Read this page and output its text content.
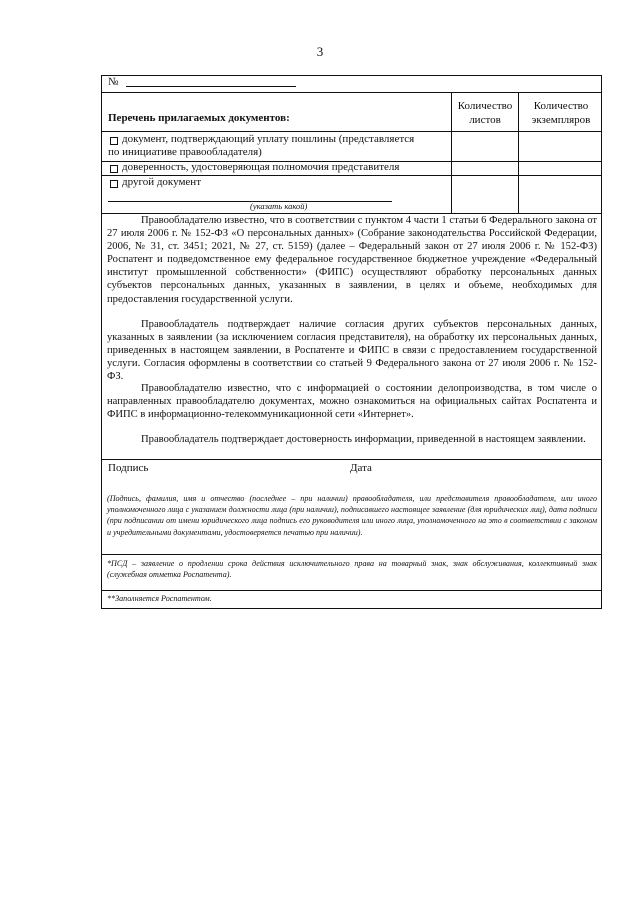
3
№
Перечень прилагаемых документов:
Количество листов
Количество экземпляров
документ, подтверждающий уплату пошлины (представляется
по инициативе правообладателя)
доверенность, удостоверяющая полномочия представителя
другой документ
(указать какой)
Правообладателю известно, что в соответствии с пунктом 4 части 1 статьи 6 Федерального закона от 27 июля 2006 г. № 152-ФЗ «О персональных данных» (Собрание законодательства Российской Федерации, 2006, № 31, ст. 3451; 2021, № 27, ст. 5159) (далее – Федеральный закон от 27 июля 2006 г. № 152-ФЗ) Роспатент и подведомственное ему федеральное государственное бюджетное учреждение «Федеральный институт промышленной собственности» (ФИПС) осуществляют обработку персональных данных субъектов персональных данных, указанных в заявлении, в целях и объеме, необходимых для предоставления государственной услуги.
Правообладатель подтверждает наличие согласия других субъектов персональных данных, указанных в заявлении (за исключением согласия представителя), на обработку их персональных данных, приведенных в настоящем заявлении, в Роспатенте и ФИПС в связи с предоставлением государственной услуги. Согласия оформлены в соответствии со статьей 9 Федерального закона от 27 июля 2006 г. № 152-ФЗ.
Правообладателю известно, что с информацией о состоянии делопроизводства, в том числе о направленных правообладателю документах, можно ознакомиться на официальных сайтах Роспатента и ФИПС в информационно-телекоммуникационной сети «Интернет».
Правообладатель подтверждает достоверность информации, приведенной в настоящем заявлении.
Подпись	Дата
(Подпись, фамилия, имя и отчество (последнее – при наличии) правообладателя, или представителя правообладателя, или иного уполномоченного лица с указанием должности лица (при наличии), подписавшего настоящее заявление (для юридических лиц), дата подписи (при подписании от имени юридического лица подпись его руководителя или иного лица, уполномоченного на это в соответствии с законом и учредительными документами, удостоверяется печатью при наличии).
*ПСД – заявление о продлении срока действия исключительного права на товарный знак, знак обслуживания, коллективный знак (служебная отметка Роспатента).
**Заполняется Роспатентом.
